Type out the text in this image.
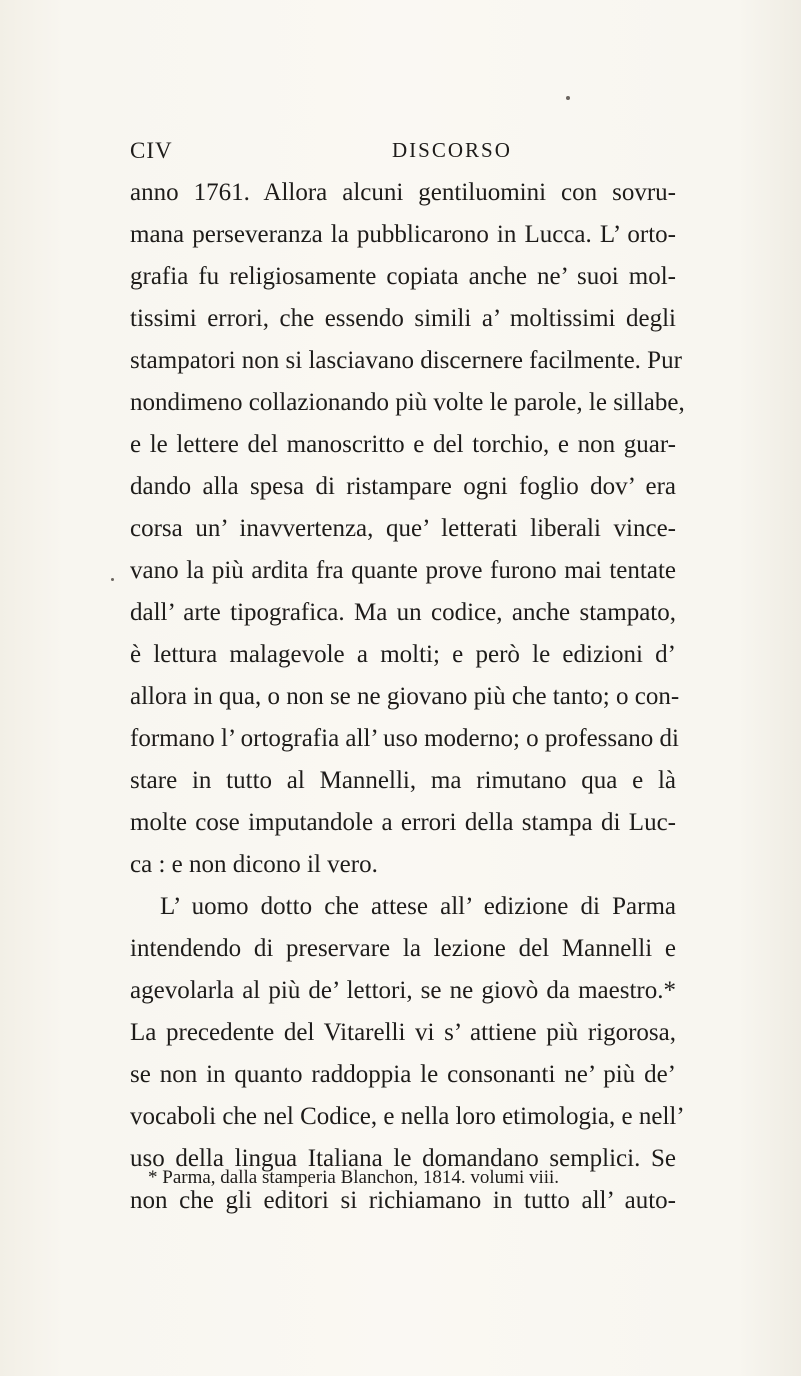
CIV	DISCORSO
anno 1761. Allora alcuni gentiluomini con sovru-
mana perseveranza la pubblicarono in Lucca. L’ orto-
grafia fu religiosamente copiata anche ne’ suoi mol-
tissimi errori, che essendo simili a’ moltissimi degli
stampatori non si lasciavano discernere facilmente. Pur
nondimeno collazionando più volte le parole, le sillabe,
e le lettere del manoscritto e del torchio, e non guar-
dando alla spesa di ristampare ogni foglio dov’ era
corsa un’ inavvertenza, que’ letterati liberali vince-
vano la più ardita fra quante prove furono mai tentate
dall’ arte tipografica. Ma un codice, anche stampato,
è lettura malagevole a molti; e però le edizioni d’
allora in qua, o non se ne giovano più che tanto; o con-
formano l’ ortografia all’ uso moderno; o professano di
stare in tutto al Mannelli, ma rimutano qua e là
molte cose imputandole a errori della stampa di Luc-
ca : e non dicono il vero.
L’ uomo dotto che attese all’ edizione di Parma
intendendo di preservare la lezione del Mannelli e
agevolarla al più de’ lettori, se ne giovò da maestro.*
La precedente del Vitarelli vi s’ attiene più rigorosa,
se non in quanto raddoppia le consonanti ne’ più de’
vocaboli che nel Codice, e nella loro etimologia, e nell’
uso della lingua Italiana le domandano semplici. Se
non che gli editori si richiamano in tutto all’ auto-
* Parma, dalla stamperia Blanchon, 1814. volumi viii.
